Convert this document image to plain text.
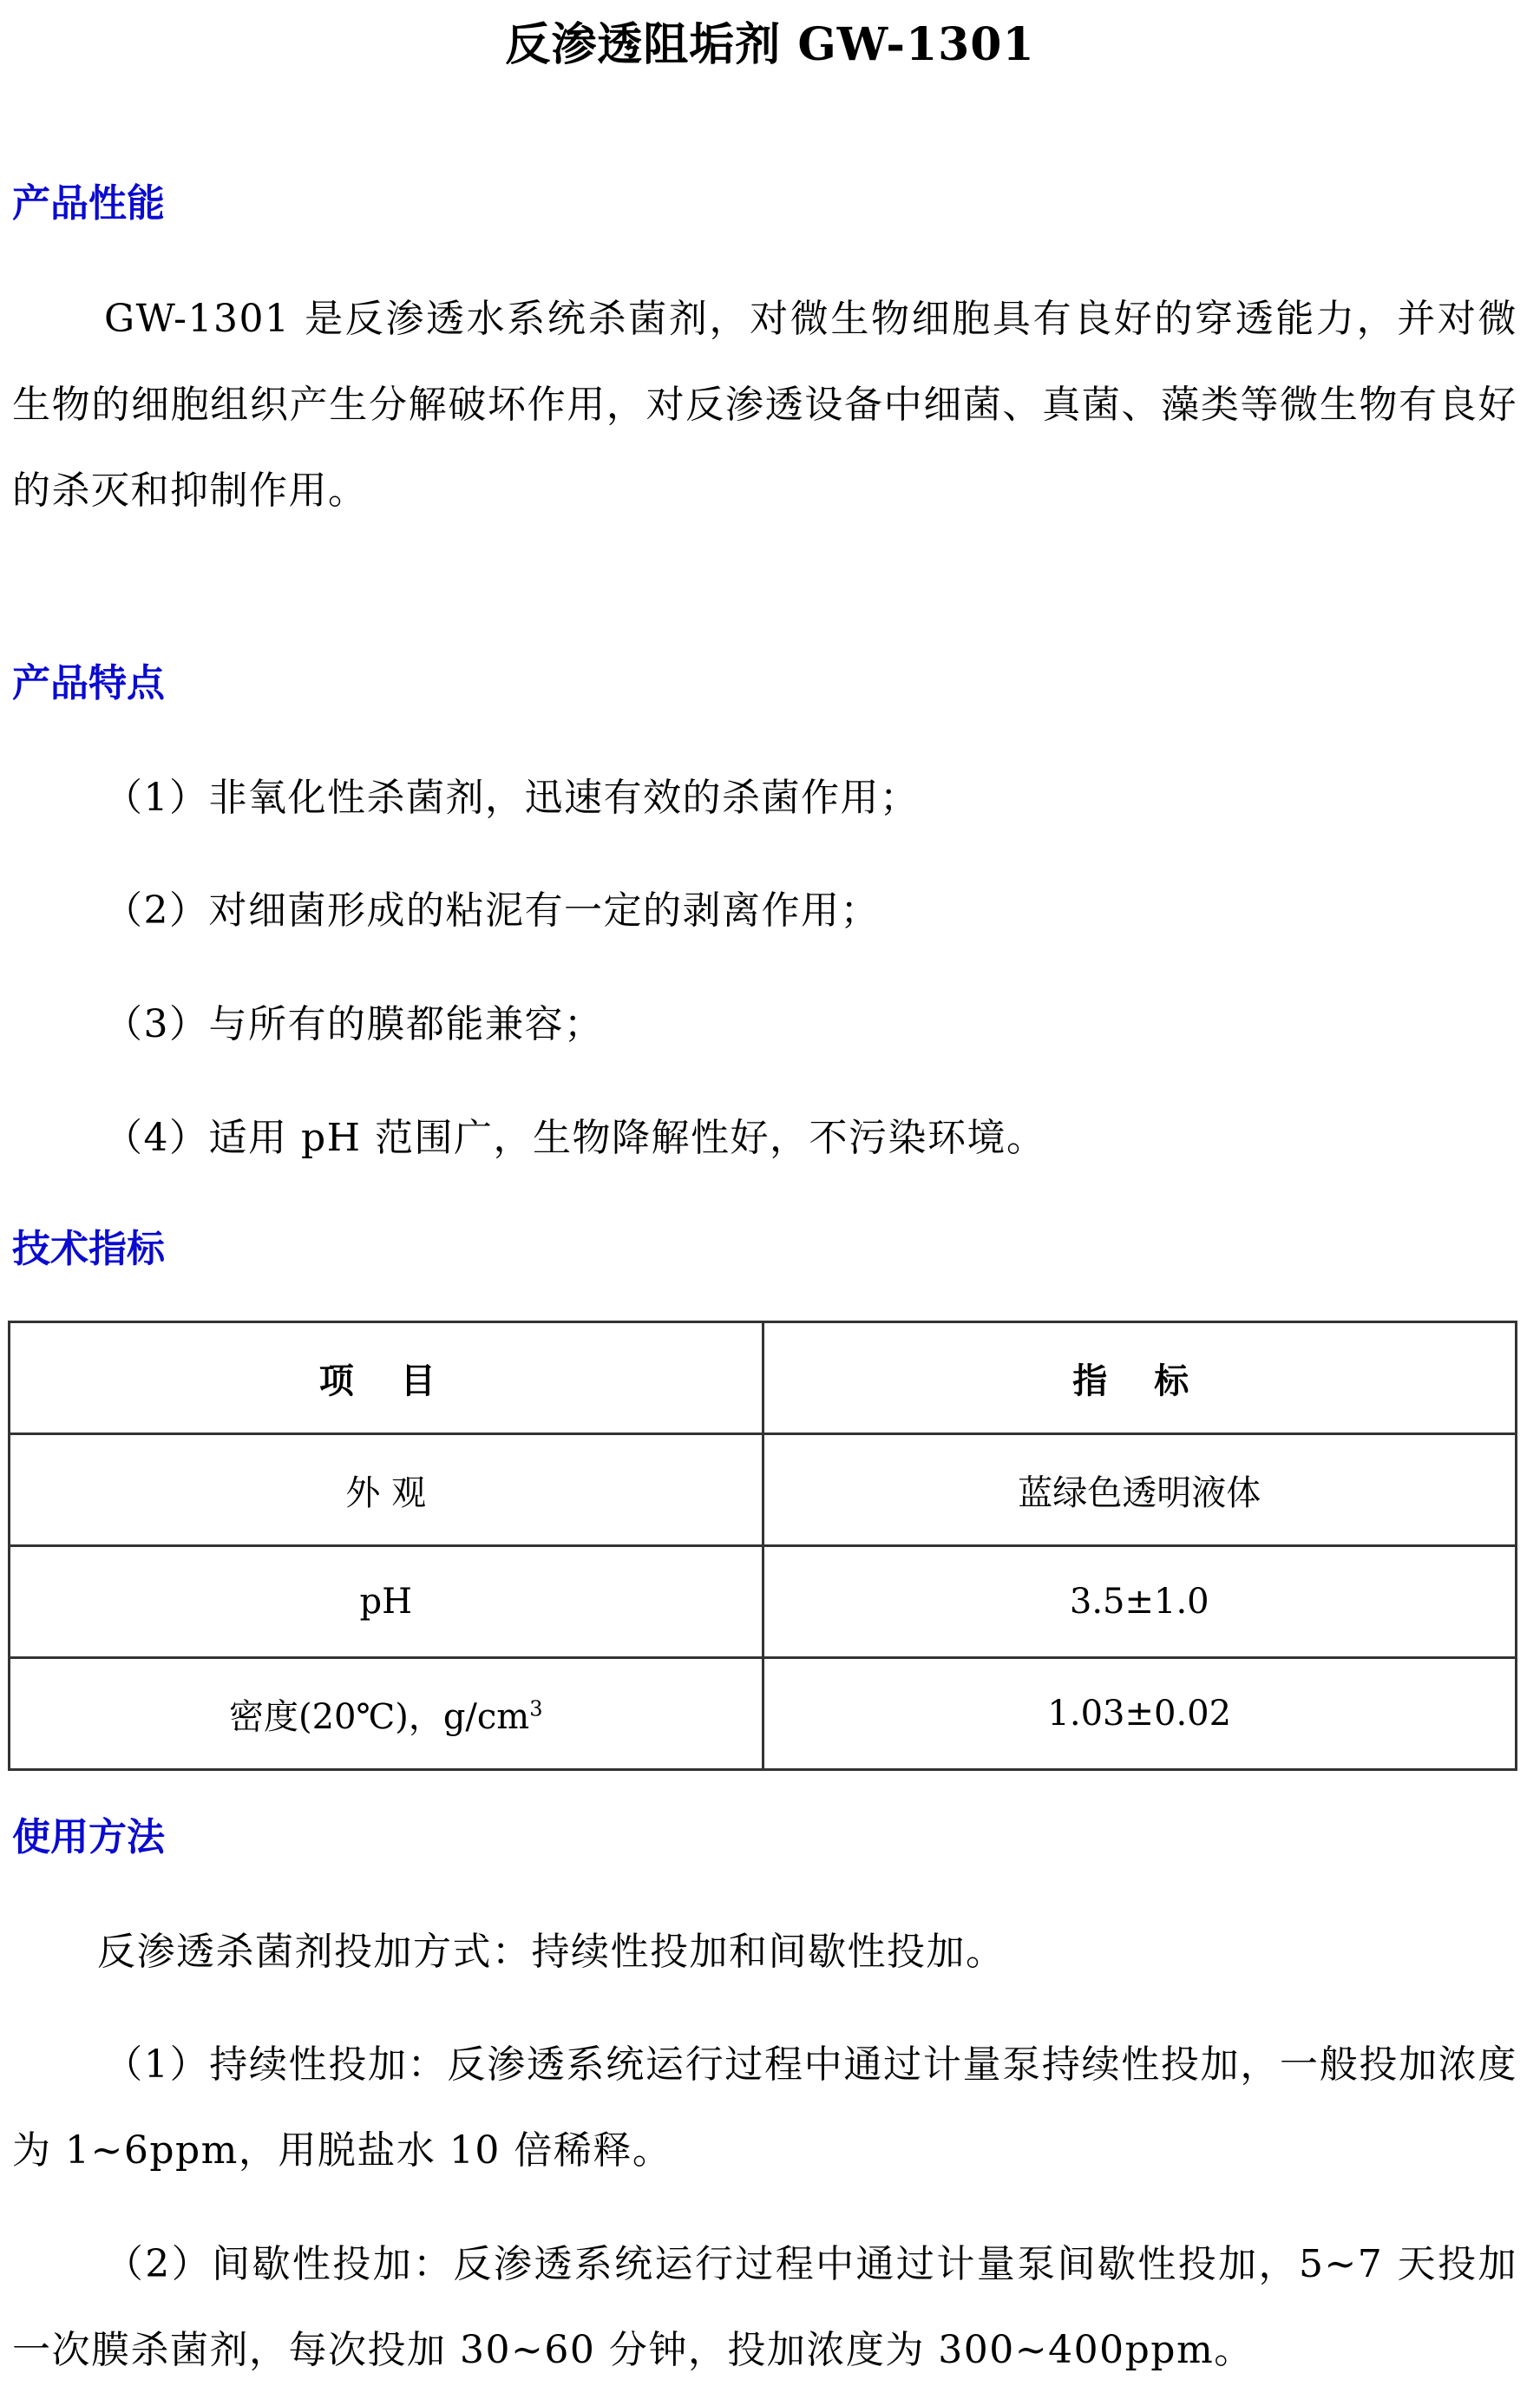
反渗透阻垢剂 GW-1301
产品性能
GW-1301 是反渗透水系统杀菌剂，对微生物细胞具有良好的穿透能力，并对微生物的细胞组织产生分解破坏作用，对反渗透设备中细菌、真菌、藻类等微生物有良好的杀灭和抑制作用。
产品特点
（1）非氧化性杀菌剂，迅速有效的杀菌作用；
（2）对细菌形成的粘泥有一定的剥离作用；
（3）与所有的膜都能兼容；
（4）适用 pH 范围广，生物降解性好，不污染环境。
技术指标
项 目	指 标
外 观	蓝绿色透明液体
pH	3.5±1.0
密度(20℃)，$g/cm^3$	1.03±0.02
使用方法
反渗透杀菌剂投加方式：持续性投加和间歇性投加。
（1）持续性投加：反渗透系统运行过程中通过计量泵持续性投加，一般投加浓度为 1~6ppm，用脱盐水 10 倍稀释。
（2）间歇性投加：反渗透系统运行过程中通过计量泵间歇性投加，5~7 天投加一次膜杀菌剂，每次投加 30~60 分钟，投加浓度为 300~400ppm。
